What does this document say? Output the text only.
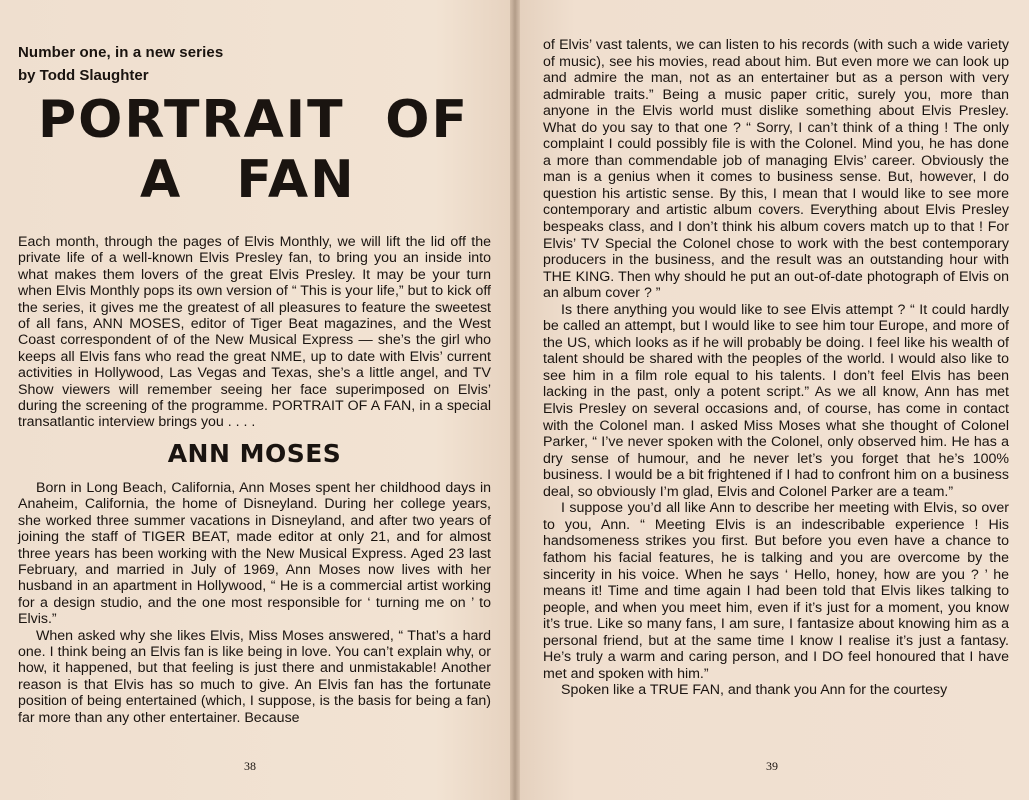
Number one, in a new series
by Todd Slaughter
PORTRAIT OF
A FAN

Each month, through the pages of Elvis Monthly, we will lift the lid off the private life of a well-known Elvis Presley fan, to bring you an inside into what makes them lovers of the great Elvis Presley. It may be your turn when Elvis Monthly pops its own version of “ This is your life,” but to kick off the series, it gives me the greatest of all pleasures to feature the sweetest of all fans, ANN MOSES, editor of Tiger Beat magazines, and the West Coast correspondent of of the New Musical Express — she’s the girl who keeps all Elvis fans who read the great NME, up to date with Elvis’ current activities in Hollywood, Las Vegas and Texas, she’s a little angel, and TV Show viewers will remember seeing her face superimposed on Elvis’ during the screening of the programme. PORTRAIT OF A FAN, in a special transatlantic interview brings you . . . .

ANN MOSES

Born in Long Beach, California, Ann Moses spent her childhood days in Anaheim, California, the home of Disneyland. During her college years, she worked three summer vacations in Disneyland, and after two years of joining the staff of TIGER BEAT, made editor at only 21, and for almost three years has been working with the New Musical Express. Aged 23 last February, and married in July of 1969, Ann Moses now lives with her husband in an apartment in Hollywood, “ He is a commercial artist working for a design studio, and the one most responsible for ‘ turning me on ’ to Elvis.”

When asked why she likes Elvis, Miss Moses answered, “ That’s a hard one. I think being an Elvis fan is like being in love. You can’t explain why, or how, it happened, but that feeling is just there and unmistakable! Another reason is that Elvis has so much to give. An Elvis fan has the fortunate position of being entertained (which, I suppose, is the basis for being a fan) far more than any other entertainer. Because

38

of Elvis’ vast talents, we can listen to his records (with such a wide variety of music), see his movies, read about him. But even more we can look up and admire the man, not as an entertainer but as a person with very admirable traits.” Being a music paper critic, surely you, more than anyone in the Elvis world must dislike something about Elvis Presley. What do you say to that one ? “ Sorry, I can’t think of a thing ! The only complaint I could possibly file is with the Colonel. Mind you, he has done a more than commendable job of managing Elvis’ career. Obviously the man is a genius when it comes to business sense. But, however, I do question his artistic sense. By this, I mean that I would like to see more contemporary and artistic album covers. Everything about Elvis Presley bespeaks class, and I don’t think his album covers match up to that ! For Elvis’ TV Special the Colonel chose to work with the best contemporary producers in the business, and the result was an outstanding hour with THE KING. Then why should he put an out-of-date photograph of Elvis on an album cover ? ”

Is there anything you would like to see Elvis attempt ? “ It could hardly be called an attempt, but I would like to see him tour Europe, and more of the US, which looks as if he will probably be doing. I feel like his wealth of talent should be shared with the peoples of the world. I would also like to see him in a film role equal to his talents. I don’t feel Elvis has been lacking in the past, only a potent script.” As we all know, Ann has met Elvis Presley on several occasions and, of course, has come in contact with the Colonel man. I asked Miss Moses what she thought of Colonel Parker, “ I’ve never spoken with the Colonel, only observed him. He has a dry sense of humour, and he never let’s you forget that he’s 100% business. I would be a bit frightened if I had to confront him on a business deal, so obviously I’m glad, Elvis and Colonel Parker are a team.”

I suppose you’d all like Ann to describe her meeting with Elvis, so over to you, Ann. “ Meeting Elvis is an indescribable experience ! His handsomeness strikes you first. But before you even have a chance to fathom his facial features, he is talking and you are overcome by the sincerity in his voice. When he says ‘ Hello, honey, how are you ? ’ he means it! Time and time again I had been told that Elvis likes talking to people, and when you meet him, even if it’s just for a moment, you know it’s true. Like so many fans, I am sure, I fantasize about knowing him as a personal friend, but at the same time I know I realise it’s just a fantasy. He’s truly a warm and caring person, and I DO feel honoured that I have met and spoken with him.”

Spoken like a TRUE FAN, and thank you Ann for the courtesy

39
